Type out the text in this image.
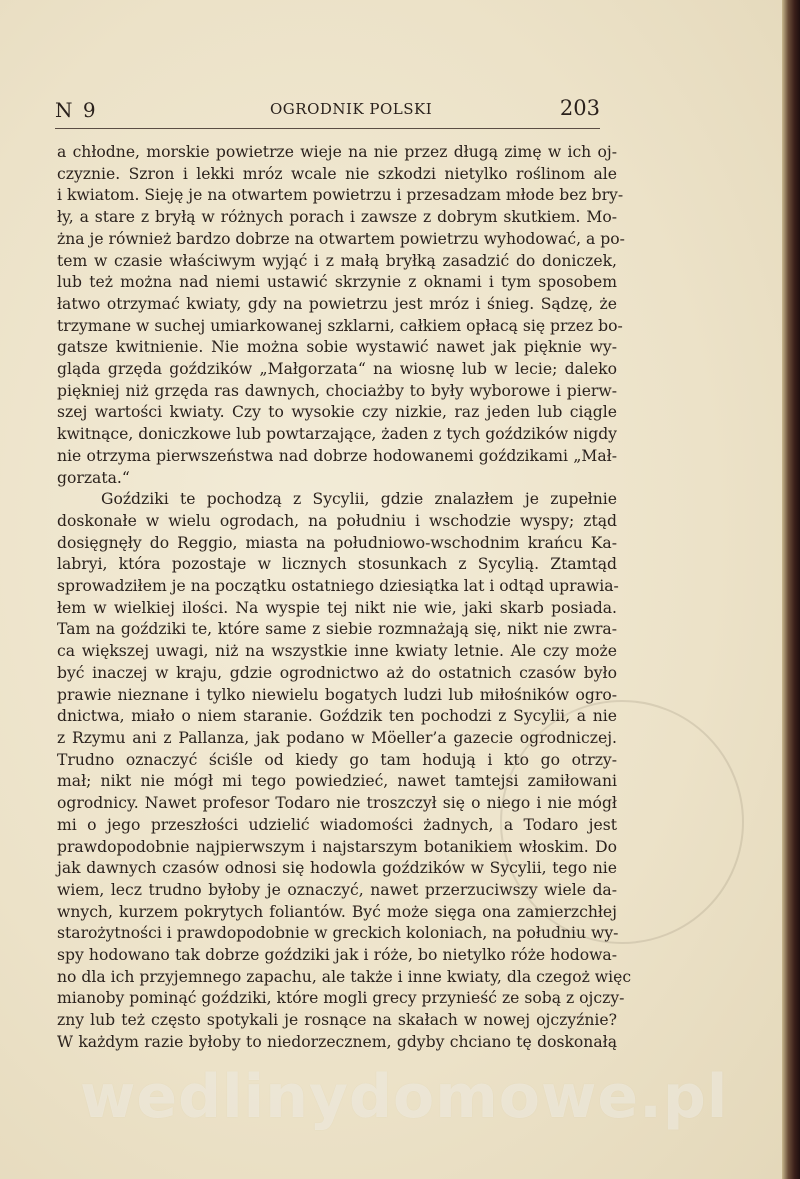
N 9	OGRODNIK POLSKI	203
a chłodne, morskie powietrze wieje na nie przez długą zimę w ich oj-
czyznie. Szron i lekki mróz wcale nie szkodzi nietylko roślinom ale
i kwiatom. Sieję je na otwartem powietrzu i przesadzam młode bez bry-
ły, a stare z bryłą w różnych porach i zawsze z dobrym skutkiem. Mo-
żna je również bardzo dobrze na otwartem powietrzu wyhodować, a po-
tem w czasie właściwym wyjąć i z małą bryłką zasadzić do doniczek,
lub też można nad niemi ustawić skrzynie z oknami i tym sposobem
łatwo otrzymać kwiaty, gdy na powietrzu jest mróz i śnieg. Sądzę, że
trzymane w suchej umiarkowanej szklarni, całkiem opłacą się przez bo-
gatsze kwitnienie. Nie można sobie wystawić nawet jak pięknie wy-
gląda grzęda goździków „Małgorzata“ na wiosnę lub w lecie; daleko
piękniej niż grzęda ras dawnych, chociażby to były wyborowe i pierw-
szej wartości kwiaty. Czy to wysokie czy nizkie, raz jeden lub ciągle
kwitnące, doniczkowe lub powtarzające, żaden z tych goździków nigdy
nie otrzyma pierwszeństwa nad dobrze hodowanemi goździkami „Mał-
gorzata.“
Goździki te pochodzą z Sycylii, gdzie znalazłem je zupełnie
doskonałe w wielu ogrodach, na południu i wschodzie wyspy; ztąd
dosięgnęły do Reggio, miasta na południowo-wschodnim krańcu Ka-
labryi, która pozostaje w licznych stosunkach z Sycylią. Ztamtąd
sprowadziłem je na początku ostatniego dziesiątka lat i odtąd uprawia-
łem w wielkiej ilości. Na wyspie tej nikt nie wie, jaki skarb posiada.
Tam na goździki te, które same z siebie rozmnażają się, nikt nie zwra-
ca większej uwagi, niż na wszystkie inne kwiaty letnie. Ale czy może
być inaczej w kraju, gdzie ogrodnictwo aż do ostatnich czasów było
prawie nieznane i tylko niewielu bogatych ludzi lub miłośników ogro-
dnictwa, miało o niem staranie. Goździk ten pochodzi z Sycylii, a nie
z Rzymu ani z Pallanza, jak podano w Möeller’a gazecie ogrodniczej.
Trudno oznaczyć ściśle od kiedy go tam hodują i kto go otrzy-
mał; nikt nie mógł mi tego powiedzieć, nawet tamtejsi zamiłowani
ogrodnicy. Nawet profesor Todaro nie troszczył się o niego i nie mógł
mi o jego przeszłości udzielić wiadomości żadnych, a Todaro jest
prawdopodobnie najpierwszym i najstarszym botanikiem włoskim. Do
jak dawnych czasów odnosi się hodowla goździków w Sycylii, tego nie
wiem, lecz trudno byłoby je oznaczyć, nawet przerzuciwszy wiele da-
wnych, kurzem pokrytych foliantów. Być może sięga ona zamierzchłej
starożytności i prawdopodobnie w greckich koloniach, na południu wy-
spy hodowano tak dobrze goździki jak i róże, bo nietylko róże hodowa-
no dla ich przyjemnego zapachu, ale także i inne kwiaty, dla czegoż więc
mianoby pominąć goździki, które mogli grecy przynieść ze sobą z ojczy-
zny lub też często spotykali je rosnące na skałach w nowej ojczyźnie?
W każdym razie byłoby to niedorzecznem, gdyby chciano tę doskonałą
wedlinydomowe.pl
